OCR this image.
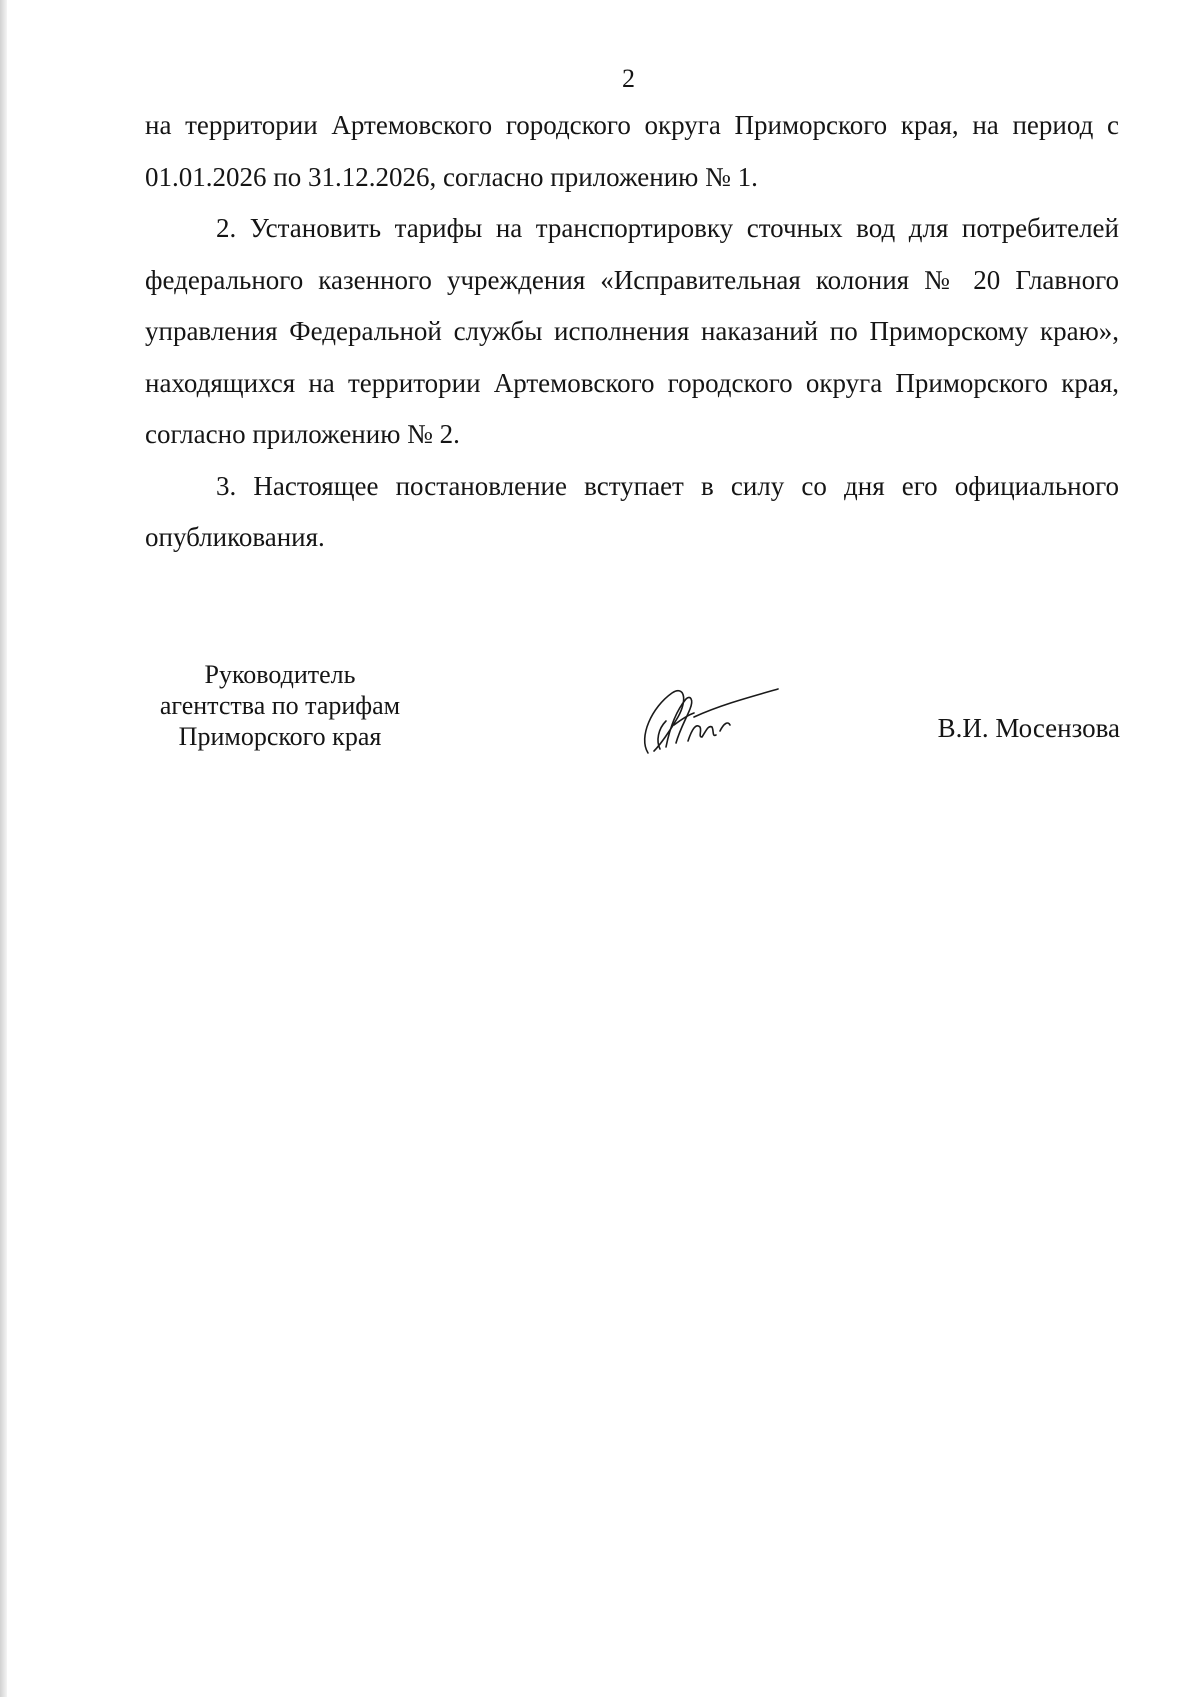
2

на территории Артемовского городского округа Приморского края, на период с 01.01.2026 по 31.12.2026, согласно приложению № 1.

2. Установить тарифы на транспортировку сточных вод для потребителей федерального казенного учреждения «Исправительная колония № 20 Главного управления Федеральной службы исполнения наказаний по Приморскому краю», находящихся на территории Артемовского городского округа Приморского края, согласно приложению № 2.

3. Настоящее постановление вступает в силу со дня его официального опубликования.

Руководитель
агентства по тарифам
Приморского края	В.И. Мосензова
